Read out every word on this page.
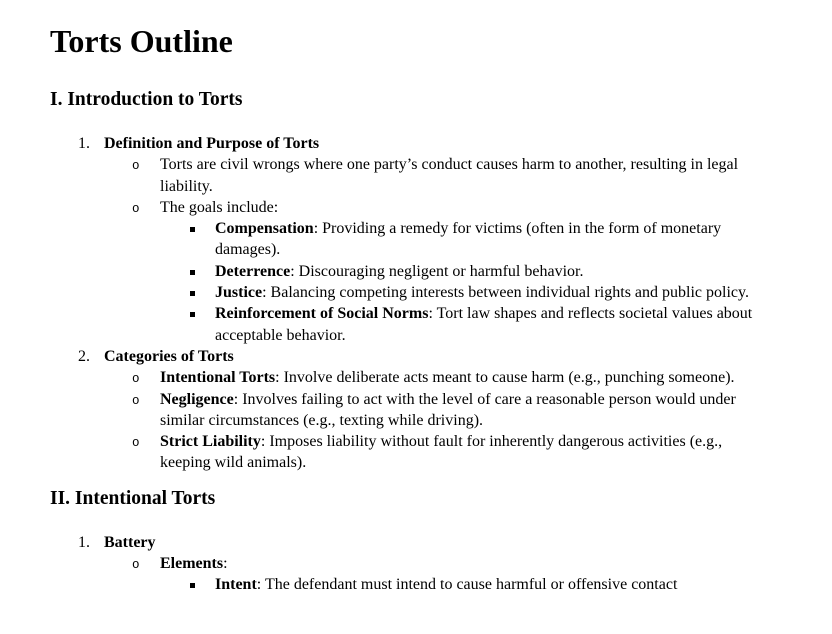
Torts Outline
I. Introduction to Torts
1. Definition and Purpose of Torts
o Torts are civil wrongs where one party’s conduct causes harm to another, resulting in legal liability.
o The goals include:
Compensation: Providing a remedy for victims (often in the form of monetary damages).
Deterrence: Discouraging negligent or harmful behavior.
Justice: Balancing competing interests between individual rights and public policy.
Reinforcement of Social Norms: Tort law shapes and reflects societal values about acceptable behavior.
2. Categories of Torts
o Intentional Torts: Involve deliberate acts meant to cause harm (e.g., punching someone).
o Negligence: Involves failing to act with the level of care a reasonable person would under similar circumstances (e.g., texting while driving).
o Strict Liability: Imposes liability without fault for inherently dangerous activities (e.g., keeping wild animals).
II. Intentional Torts
1. Battery
o Elements:
Intent: The defendant must intend to cause harmful or offensive contact
